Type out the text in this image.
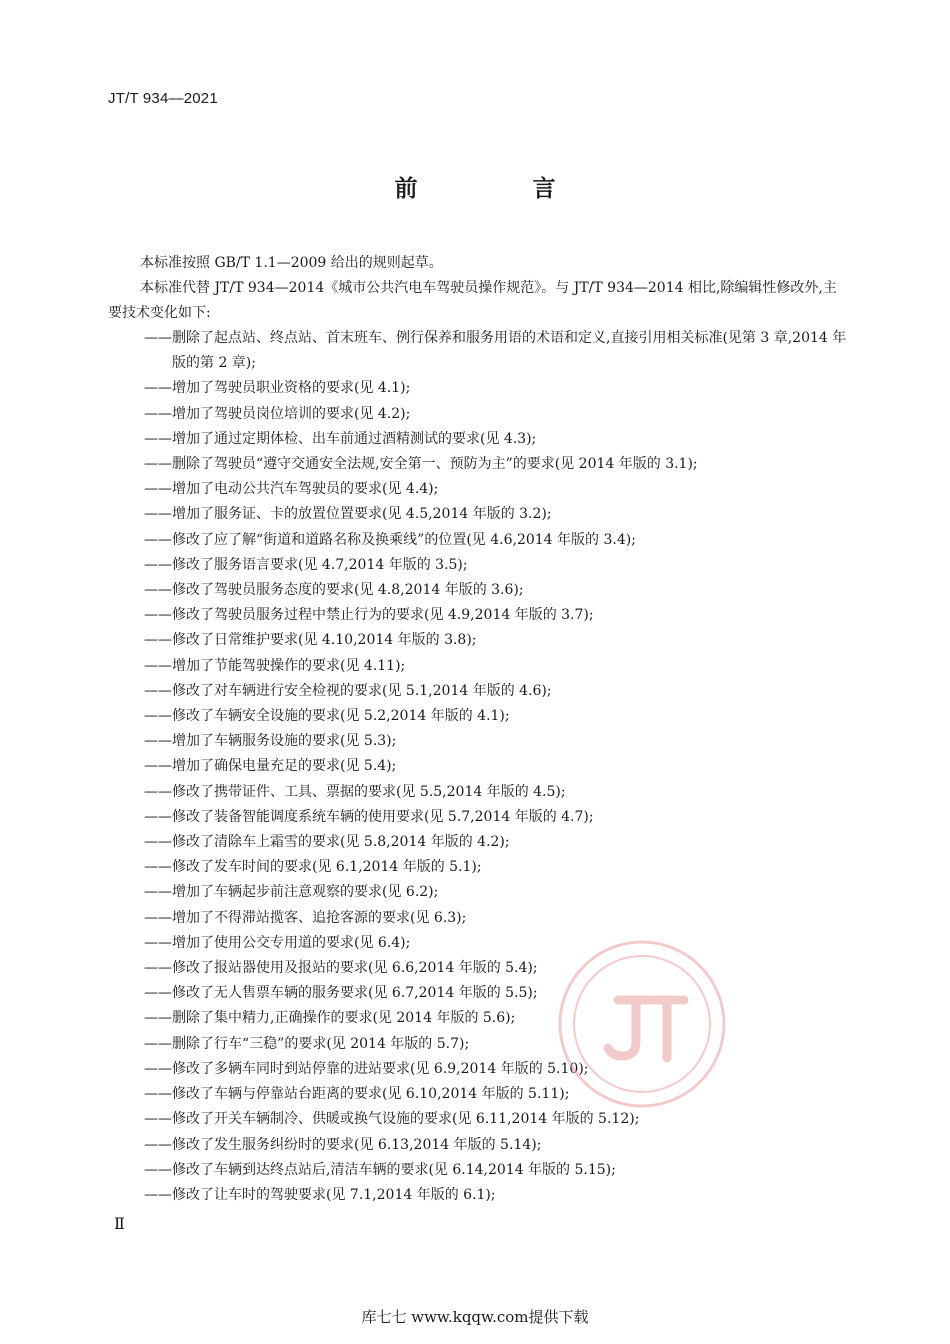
JT/T 934—2021
前　言

本标准按照 GB/T 1.1—2009 给出的规则起草。

本标准代替 JT/T 934—2014《城市公共汽电车驾驶员操作规范》。与 JT/T 934—2014 相比,除编辑性修改外,主要技术变化如下:

——删除了起点站、终点站、首末班车、例行保养和服务用语的术语和定义,直接引用相关标准(见第 3 章,2014 年版的第 2 章);
——增加了驾驶员职业资格的要求(见 4.1);
——增加了驾驶员岗位培训的要求(见 4.2);
——增加了通过定期体检、出车前通过酒精测试的要求(见 4.3);
——删除了驾驶员“遵守交通安全法规,安全第一、预防为主”的要求(见 2014 年版的 3.1);
——增加了电动公共汽车驾驶员的要求(见 4.4);
——增加了服务证、卡的放置位置要求(见 4.5,2014 年版的 3.2);
——修改了应了解“街道和道路名称及换乘线”的位置(见 4.6,2014 年版的 3.4);
——修改了服务语言要求(见 4.7,2014 年版的 3.5);
——修改了驾驶员服务态度的要求(见 4.8,2014 年版的 3.6);
——修改了驾驶员服务过程中禁止行为的要求(见 4.9,2014 年版的 3.7);
——修改了日常维护要求(见 4.10,2014 年版的 3.8);
——增加了节能驾驶操作的要求(见 4.11);
——修改了对车辆进行安全检视的要求(见 5.1,2014 年版的 4.6);
——修改了车辆安全设施的要求(见 5.2,2014 年版的 4.1);
——增加了车辆服务设施的要求(见 5.3);
——增加了确保电量充足的要求(见 5.4);
——修改了携带证件、工具、票据的要求(见 5.5,2014 年版的 4.5);
——修改了装备智能调度系统车辆的使用要求(见 5.7,2014 年版的 4.7);
——修改了清除车上霜雪的要求(见 5.8,2014 年版的 4.2);
——修改了发车时间的要求(见 6.1,2014 年版的 5.1);
——增加了车辆起步前注意观察的要求(见 6.2);
——增加了不得滞站揽客、追抢客源的要求(见 6.3);
——增加了使用公交专用道的要求(见 6.4);
——修改了报站器使用及报站的要求(见 6.6,2014 年版的 5.4);
——修改了无人售票车辆的服务要求(见 6.7,2014 年版的 5.5);
——删除了集中精力,正确操作的要求(见 2014 年版的 5.6);
——删除了行车“三稳”的要求(见 2014 年版的 5.7);
——修改了多辆车同时到站停靠的进站要求(见 6.9,2014 年版的 5.10);
——修改了车辆与停靠站台距离的要求(见 6.10,2014 年版的 5.11);
——修改了开关车辆制冷、供暖或换气设施的要求(见 6.11,2014 年版的 5.12);
——修改了发生服务纠纷时的要求(见 6.13,2014 年版的 5.14);
——修改了车辆到达终点站后,清洁车辆的要求(见 6.14,2014 年版的 5.15);
——修改了让车时的驾驶要求(见 7.1,2014 年版的 6.1);
Ⅱ
库七七 www.kqqw.com提供下载
